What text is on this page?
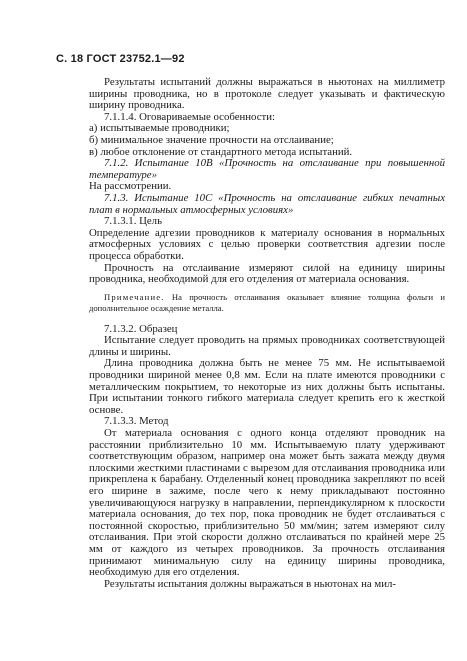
С. 18 ГОСТ 23752.1—92

Результаты испытаний должны выражаться в ньютонах на миллиметр ширины проводника, но в протоколе следует указывать и фактическую ширину проводника.

7.1.1.4. Оговариваемые особенности:

а) испытываемые проводники;

б) минимальное значение прочности на отслаивание;

в) любое отклонение от стандартного метода испытаний.

7.1.2. Испытание 10В «Прочность на отслаивание при повышенной температуре»

На рассмотрении.

7.1.3. Испытание 10С «Прочность на отслаивание гибких печатных плат в нормальных атмосферных условиях»

7.1.3.1. Цель

Определение адгезии проводников к материалу основания в нормальных атмосферных условиях с целью проверки соответствия адгезии после процесса обработки.

Прочность на отслаивание измеряют силой на единицу ширины проводника, необходимой для его отделения от материала основания.

Примечание. На прочность отслаивания оказывает влияние толщина фольги и дополнительное осаждение металла.

7.1.3.2. Образец

Испытание следует проводить на прямых проводниках соответствующей длины и ширины.

Длина проводника должна быть не менее 75 мм. Не испытываемой проводники шириной менее 0,8 мм. Если на плате имеются проводники с металлическим покрытием, то некоторые из них должны быть испытаны. При испытании тонкого гибкого материала следует крепить его к жесткой основе.

7.1.3.3. Метод

От материала основания с одного конца отделяют проводник на расстоянии приблизительно 10 мм. Испытываемую плату удерживают соответствующим образом, например она может быть зажата между двумя плоскими жесткими пластинами с вырезом для отслаивания проводника или прикреплена к барабану. Отделенный конец проводника закрепляют по всей его ширине в зажиме, после чего к нему прикладывают постоянно увеличивающуюся нагрузку в направлении, перпендикулярном к плоскости материала основания, до тех пор, пока проводник не будет отслаиваться с постоянной скоростью, приблизительно 50 мм/мин; затем измеряют силу отслаивания. При этой скорости должно отслаиваться по крайней мере 25 мм от каждого из четырех проводников. За прочность отслаивания принимают минимальную силу на единицу ширины проводника, необходимую для его отделения.

Результаты испытания должны выражаться в ньютонах на мил-
